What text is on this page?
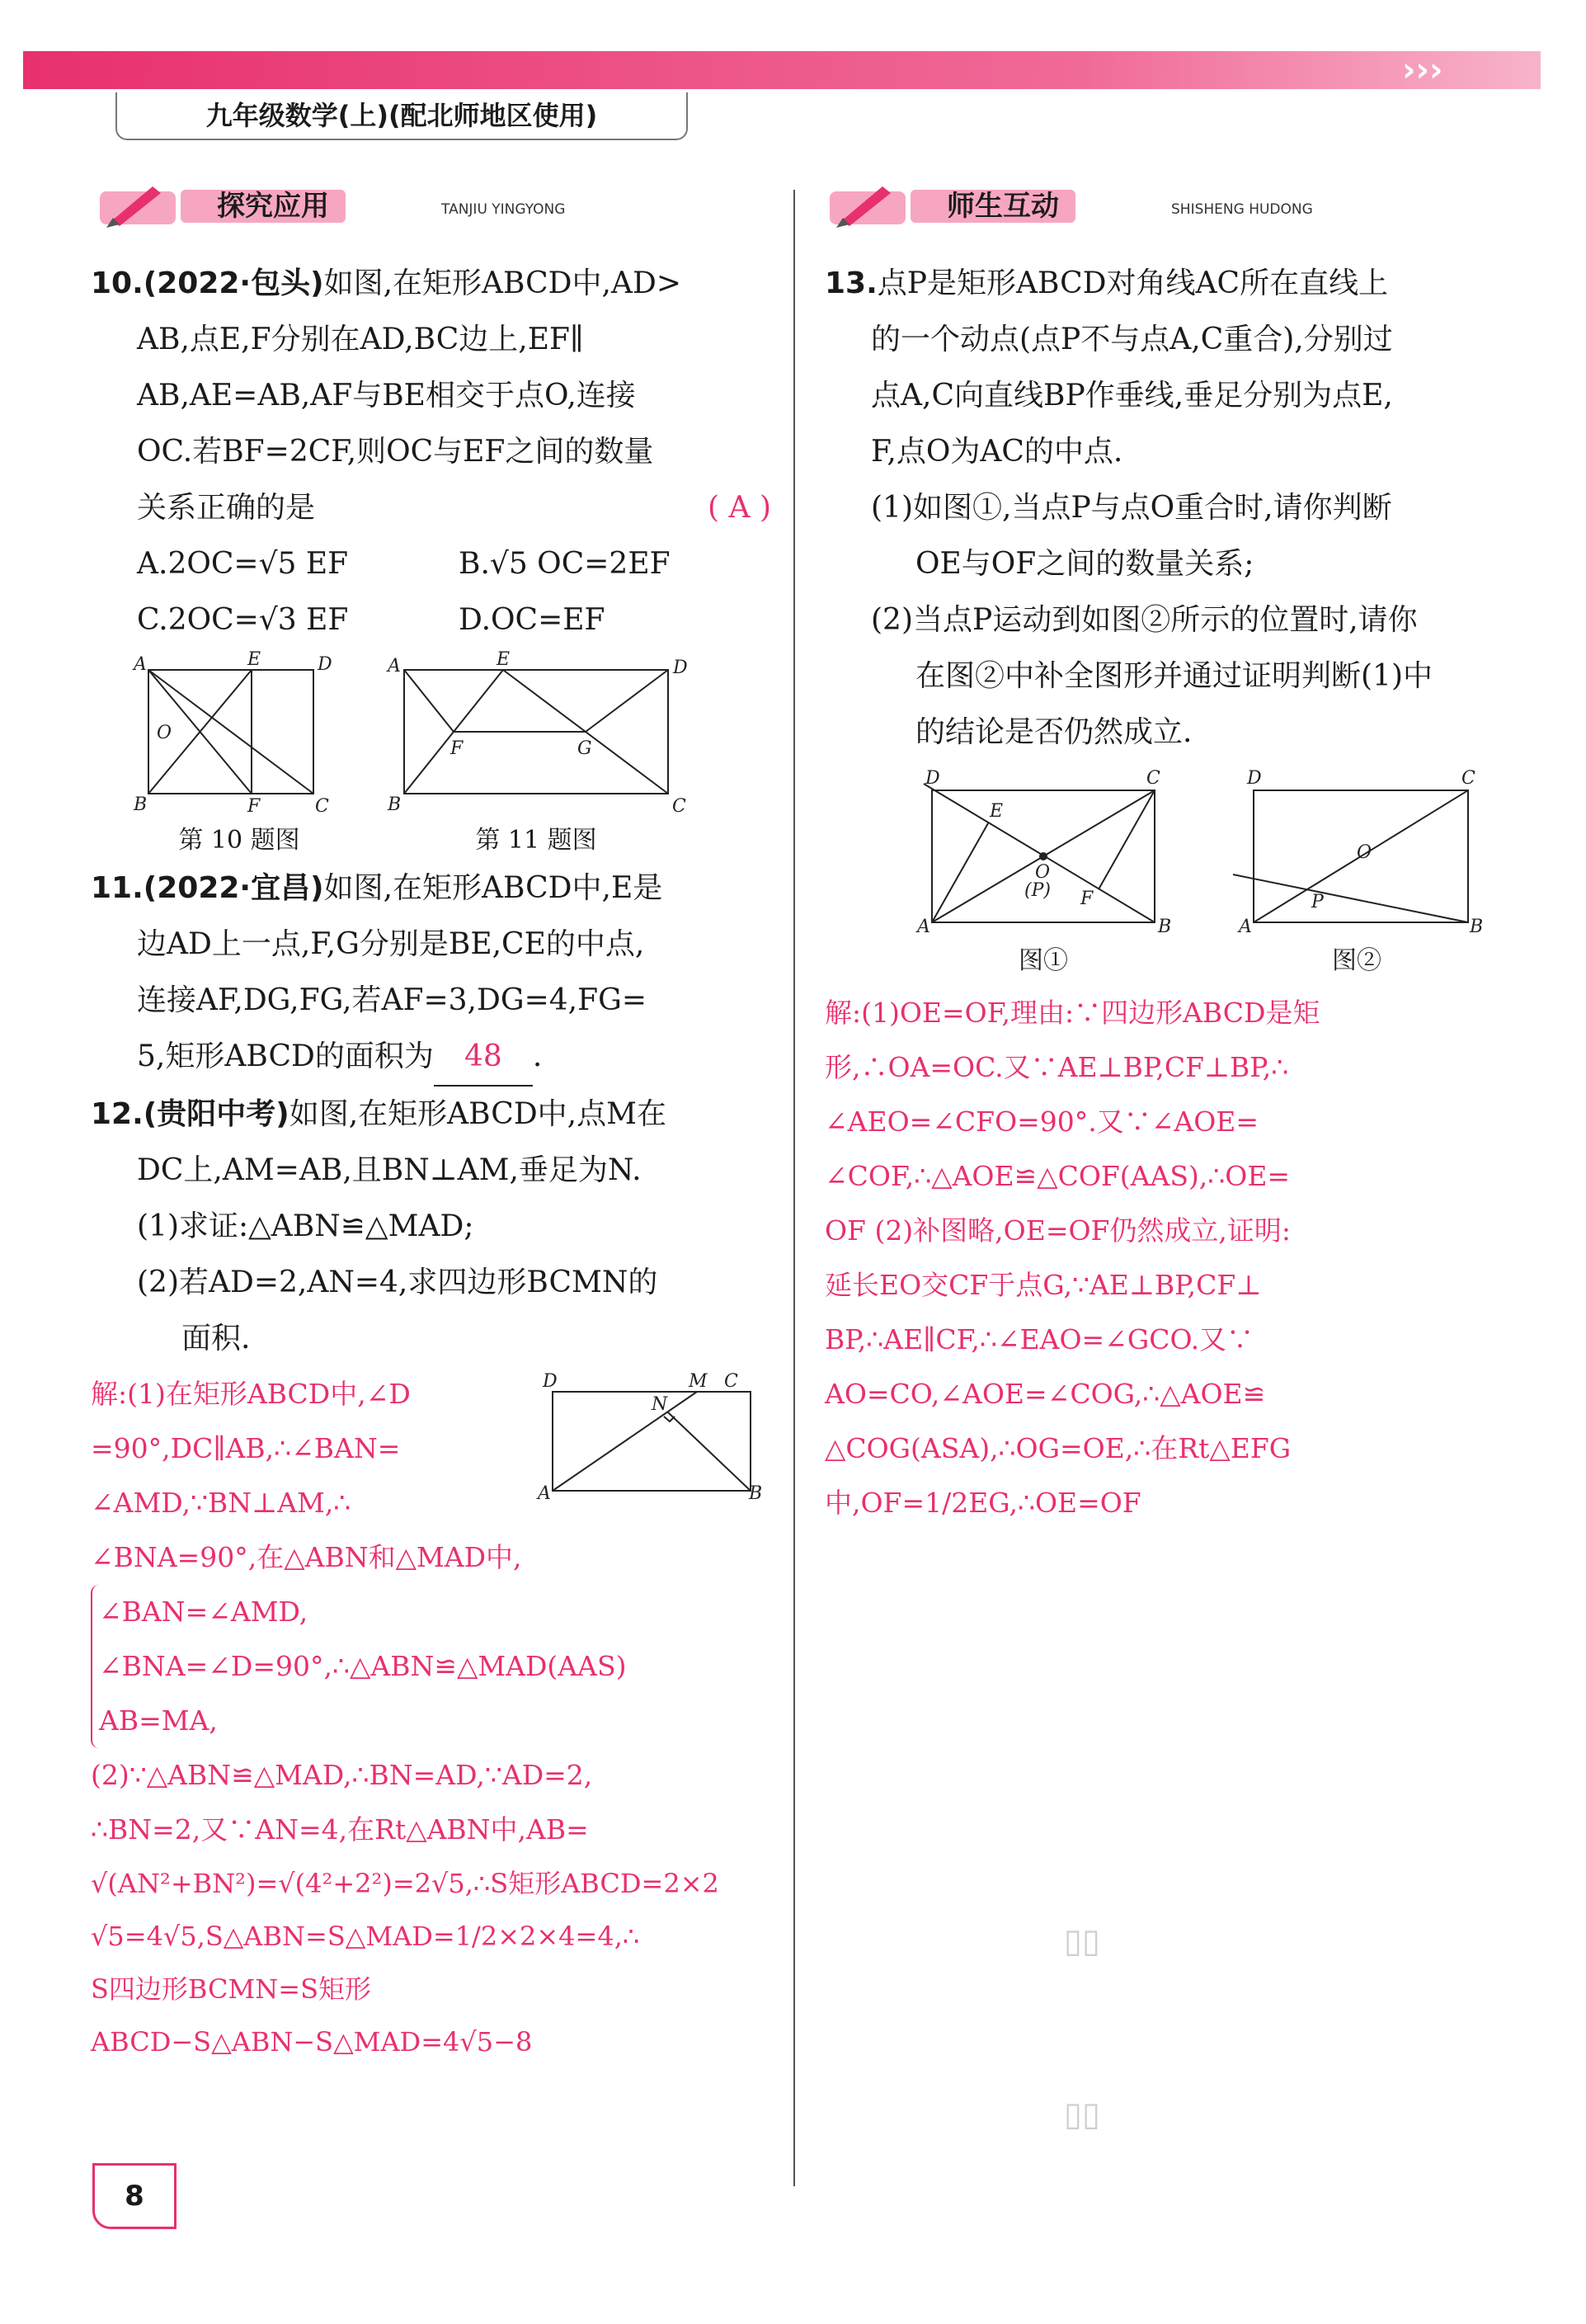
›››
九年级数学(上)(配北师地区使用)
探究应用	TANJIU YINGYONG	师生互动	SHISHENG HUDONG

10.(2022·包头)如图,在矩形ABCD中,AD>

AB,点E,F分别在AD,BC边上,EF∥

AB,AE=AB,AF与BE相交于点O,连接

OC.若BF=2CF,则OC与EF之间的数量

关系正确的是	( A )

A.2OC=√5 EF	B.√5 OC=2EF
C.2OC=√3 EF	D.OC=EF
A	E	D
O
B	F	C
第 10 题图
A	E	D
F	G
B	C
第 11 题图

11.(2022·宜昌)如图,在矩形ABCD中,E是

边AD上一点,F,G分别是BE,CE的中点,

连接AF,DG,FG,若AF=3,DG=4,FG=

5,矩形ABCD的面积为 48 .

12.(贵阳中考)如图,在矩形ABCD中,点M在

DC上,AM=AB,且BN⊥AM,垂足为N.

(1)求证:△ABN≌△MAD;

(2)若AD=2,AN=4,求四边形BCMN的

面积.

D	M C
N
A	B
解:(1)在矩形ABCD中,∠D
=90°,DC∥AB,∴∠BAN=
∠AMD,∵BN⊥AM,∴
∠BNA=90°,在△ABN和△MAD中,
∠BAN=∠AMD,
∠BNA=∠D=90°,∴△ABN≌△MAD(AAS)
AB=MA,
(2)∵△ABN≌△MAD,∴BN=AD,∵AD=2,
∴BN=2,又∵AN=4,在Rt△ABN中,AB=
√(AN²+BN²)=√(4²+2²)=2√5,∴S矩形ABCD=2×2
√5=4√5,S△ABN=S△MAD=1/2×2×4=4,∴
S四边形BCMN=S矩形ABCD−S△ABN−S△MAD=4√5−8

13.点P是矩形ABCD对角线AC所在直线上

的一个动点(点P不与点A,C重合),分别过

点A,C向直线BP作垂线,垂足分别为点E,

F,点O为AC的中点.

(1)如图①,当点P与点O重合时,请你判断

OE与OF之间的数量关系;

(2)当点P运动到如图②所示的位置时,请你

在图②中补全图形并通过证明判断(1)中

的结论是否仍然成立.

D	C
E
O
(P) F
A	B
图①
D	C
O
P
A	B
图②
解:(1)OE=OF,理由:∵四边形ABCD是矩
形,∴OA=OC.又∵AE⊥BP,CF⊥BP,∴
∠AEO=∠CFO=90°.又∵∠AOE=
∠COF,∴△AOE≌△COF(AAS),∴OE=
OF (2)补图略,OE=OF仍然成立,证明:
延长EO交CF于点G,∵AE⊥BP,CF⊥
BP,∴AE∥CF,∴∠EAO=∠GCO.又∵
AO=CO,∠AOE=∠COG,∴△AOE≌
△COG(ASA),∴OG=OE,∴在Rt△EFG
中,OF=1/2EG,∴OE=OF
▯▯
▯▯
8
